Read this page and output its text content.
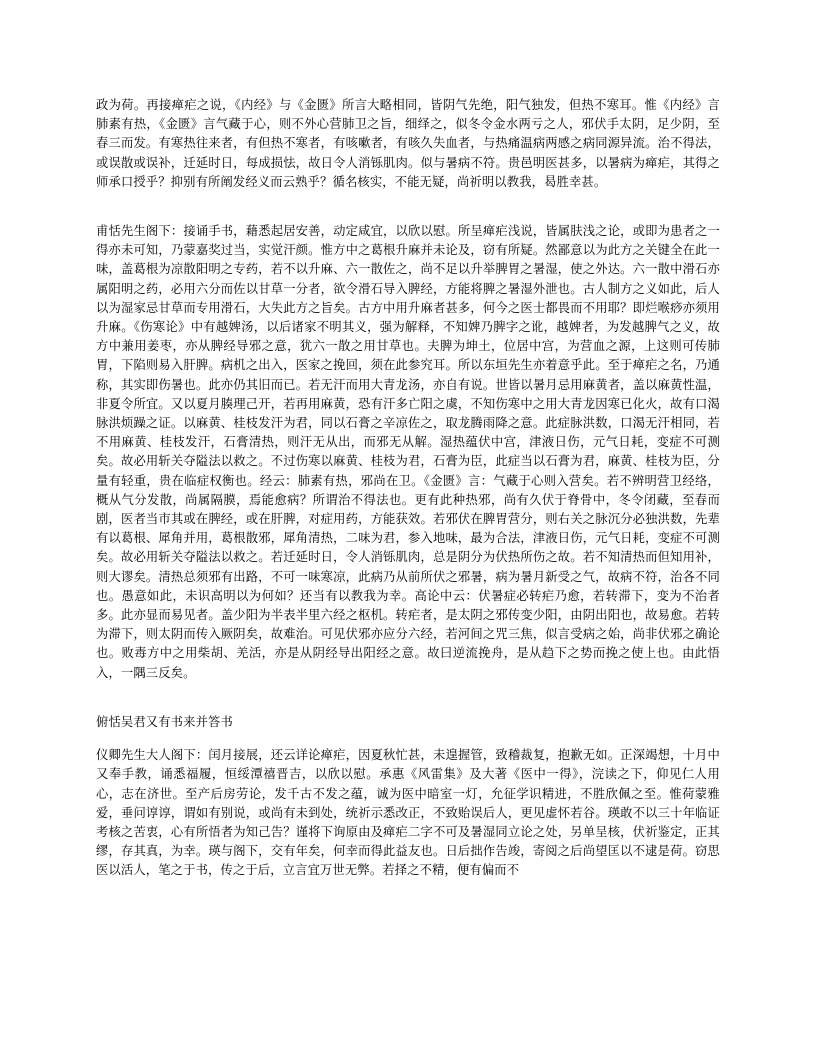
政为荷。再接瘅疟之说，《内经》与《金匮》所言大略相同，皆阴气先绝，阳气独发，但热不寒耳。惟《内经》言肺素有热，《金匮》言气藏于心，则不外心营肺卫之旨，细绎之，似冬令金水两亏之人，邪伏手太阴，足少阴，至春三而发。有寒热往来者，有但热不寒者，有咳嗽者，有咳久失血者，与热痛温病两感之病同源异流。治不得法，或误散或误补，迁延时日，每成损怯，故日令人消铄肌肉。似与暑病不符。贵邑明医甚多，以暑病为瘅疟，其得之师承口授乎？抑别有所阐发经义而云熟乎？循名核实，不能无疑，尚祈明以教我，曷胜幸甚。

甫恬先生阁下：接诵手书，藉悉起居安善，动定咸宜，以欣以慰。所呈瘅疟浅说，皆属肤浅之论，或即为患者之一得亦未可知，乃蒙嘉奖过当，实觉汗颜。惟方中之葛根升麻并未论及，窃有所疑。然鄙意以为此方之关键全在此一味，盖葛根为凉散阳明之专药，若不以升麻、六一散佐之，尚不足以升举脾胃之暑湿，使之外达。六一散中滑石亦属阳明之药，必用六分而佐以甘草一分者，欲令滑石导入脾经，方能将脾之暑湿外泄也。古人制方之义如此，后人以为湿家忌甘草而专用滑石，大失此方之旨矣。古方中用升麻者甚多，何今之医士都畏而不用耶？即烂喉痧亦须用升麻。《伤寒论》中有越婢汤，以后诸家不明其义，强为解释，不知婢乃脾字之讹，越婢者，为发越脾气之义，故方中兼用姜枣，亦从脾经导邪之意，犹六一散之用甘草也。夫脾为坤土，位居中宫，为营血之源，上这则可传肺胃，下陷则易入肝脾。病机之出入，医家之挽回，须在此参究耳。所以东垣先生亦着意乎此。至于瘅疟之名，乃通称，其实即伤暑也。此亦仍其旧而已。若无汗而用大青龙汤，亦自有说。世皆以暑月忌用麻黄者，盖以麻黄性温，非夏令所宜。又以夏月腠理己开，若再用麻黄，恐有汗多亡阳之虞，不知伤寒中之用大青龙因寒已化火，故有口渴脉洪烦躁之证。以麻黄、桂枝发汗为君，同以石膏之辛凉佐之，取龙腾雨降之意。此症脉洪数，口渴无汗相同，若不用麻黄、桂枝发汗，石膏清热，则汗无从出，而邪无从解。湿热蕴伏中宫，津液日伤，元气日耗，变症不可测矣。故必用斩关夺隘法以救之。不过伤寒以麻黄、桂枝为君，石膏为臣，此症当以石膏为君，麻黄、桂枝为臣，分量有轻重，贵在临症权衡也。经云：肺素有热，邪尚在卫。《金匮》言：气藏于心则入营矣。若不辨明营卫经络，概从气分发散，尚属隔膜，焉能愈病？所谓治不得法也。更有此种热邪，尚有久伏于脊骨中，冬令闭藏，至春而剧，医者当市其或在脾经，或在肝脾，对症用药，方能获效。若邪伏在脾胃营分，则右关之脉沉分必独洪数，先辈有以葛根、犀角并用，葛根散邪，犀角清热，二味为君，参入地味，最为合法，津液日伤，元气日耗，变症不可测矣。故必用斩关夺隘法以救之。若迁延时日，令人消铄肌肉，总是阴分为伏热所伤之故。若不知清热而但知用补，则大谬矣。清热总须邪有出路，不可一味寒凉，此病乃从前所伏之邪暑，病为暑月新受之气，故病不符，治各不同也。愚意如此，未识高明以为何如？还当有以教我为幸。高论中云：伏暑症必转疟乃愈，若转滞下，变为不治者多。此亦显而易见者。盖少阳为半表半里六经之枢机。转疟者，是太阴之邪传变少阳，由阴出阳也，故易愈。若转为滞下，则太阴而传入厥阴矣，故难治。可见伏邪亦应分六经，若河间之咒三焦，似言受病之始，尚非伏邪之确论也。败毒方中之用柴胡、羌活，亦是从阴经导出阳经之意。故曰逆流挽舟，是从趋下之势而挽之使上也。由此悟入，一隅三反矣。

俯恬吴君又有书来并答书

仪卿先生大人阁下：闰月接展，还云详论瘅疟，因夏秋忙甚，未遑握管，致稽裁复，抱歉无如。正深竭想，十月中又奉手教，诵悉福履，恒绥潭禧晋吉，以欣以慰。承惠《风雷集》及大著《医中一得》，浣读之下，仰见仁人用心，志在济世。至产后房劳论，发千古不发之蕴，诚为医中暗室一灯，允征学识精进，不胜欣佩之至。惟荷蒙雅爱，垂问谆谆，谓如有别说，或尚有未到处，统祈示悉改正，不致贻误后人，更见虚怀若谷。瑛敢不以三十年临证考核之苦衷，心有所悟者为知己告？谨将下询原由及瘅疟二字不可及暑湿同立论之处，另单呈核，伏祈鉴定，正其缪，存其真，为幸。瑛与阁下，交有年矣，何幸而得此益友也。日后拙作告竣，寄阅之后尚望匡以不逮是荷。窃思医以活人，笔之于书，传之于后，立言宜万世无弊。若择之不精，便有偏而不
